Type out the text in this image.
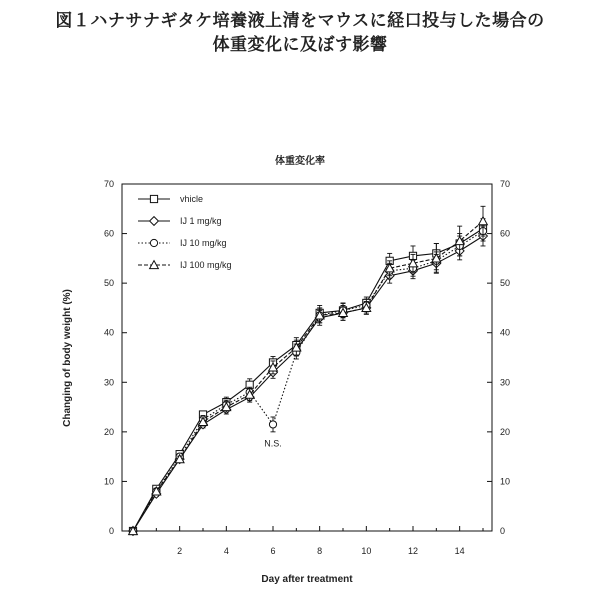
図１ハナサナギタケ培養液上清をマウスに経口投与した場合の
体重変化に及ぼす影響
体重変化率
0	0
10	10
20	20
30	30
40	40
50	50
60	60
70	70
2	4	6	8	10	12	14
vhicle
IJ 1 mg/kg
IJ 10 mg/kg
IJ 100 mg/kg
Day after treatment
Changing of body weight (%)
N.S.
